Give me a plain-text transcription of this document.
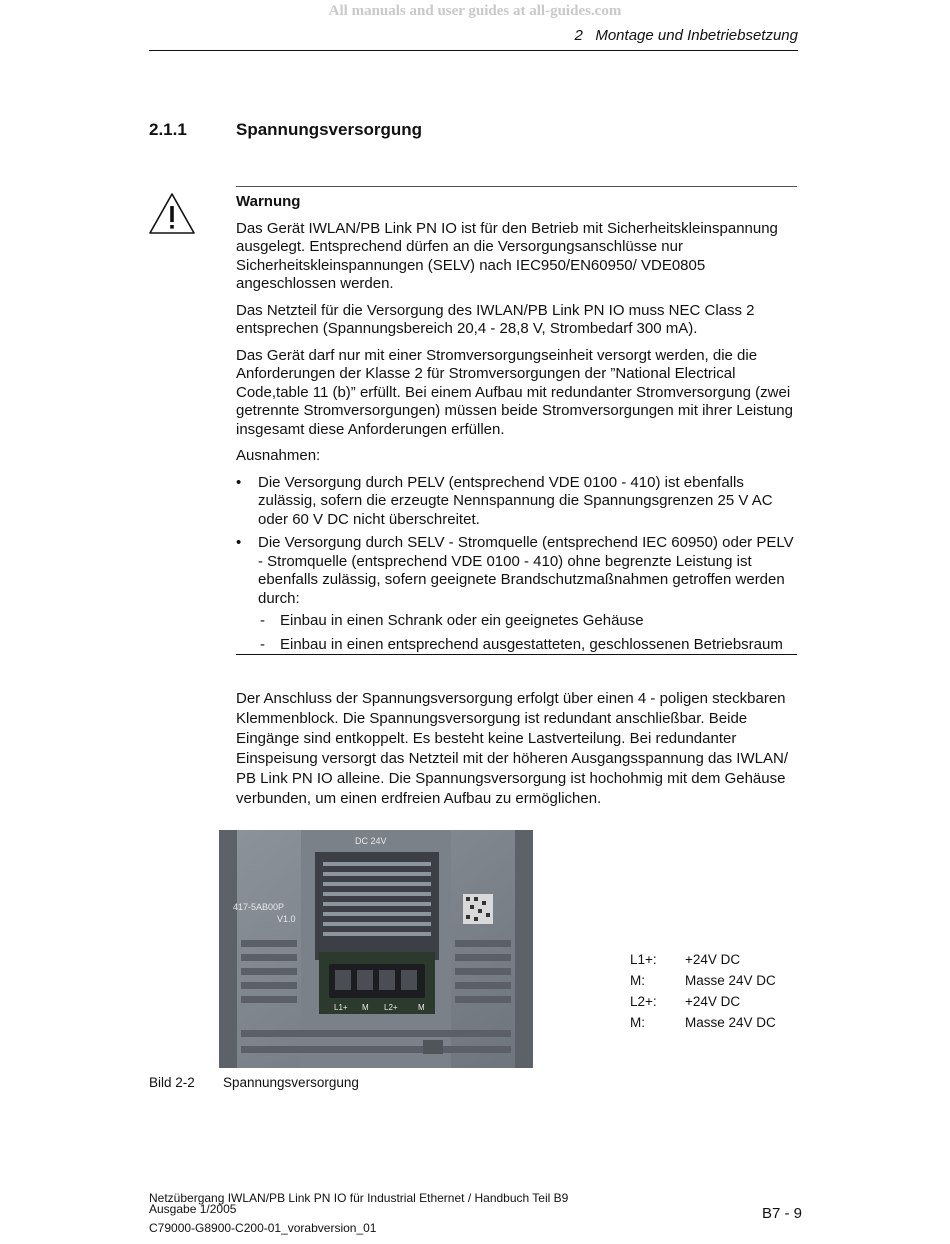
All manuals and user guides at all-guides.com
2   Montage und Inbetriebsetzung
2.1.1	Spannungsversorgung
Warnung

Das Gerät IWLAN/PB Link PN IO ist für den Betrieb mit Sicherheitskleinspannung ausgelegt. Entsprechend dürfen an die Versorgungsanschlüsse nur Sicherheitskleinspannungen (SELV) nach IEC950/EN60950/ VDE0805 angeschlossen werden.

Das Netzteil für die Versorgung des IWLAN/PB Link PN IO muss NEC Class 2 entsprechen (Spannungsbereich 20,4 - 28,8 V, Strombedarf 300 mA).

Das Gerät darf nur mit einer Stromversorgungseinheit versorgt werden, die die Anforderungen der Klasse 2 für Stromversorgungen der ”National Electrical Code,table 11 (b)” erfüllt. Bei einem Aufbau mit redundanter Stromversorgung (zwei getrennte Stromversorgungen) müssen beide Stromversorgungen mit ihrer Leistung insgesamt diese Anforderungen erfüllen.

Ausnahmen:

• Die Versorgung durch PELV (entsprechend VDE 0100 - 410) ist ebenfalls zulässig, sofern die erzeugte Nennspannung die Spannungsgrenzen 25 V AC oder 60 V DC nicht überschreitet.
• Die Versorgung durch SELV - Stromquelle (entsprechend IEC 60950) oder PELV - Stromquelle (entsprechend VDE 0100 - 410) ohne begrenzte Leistung ist ebenfalls zulässig, sofern geeignete Brandschutzmaßnahmen getroffen werden durch:
- Einbau in einen Schrank oder ein geeignetes Gehäuse
- Einbau in einen entsprechend ausgestatteten, geschlossenen Betriebsraum
Der Anschluss der Spannungsversorgung erfolgt über einen 4 - poligen steckbaren Klemmenblock. Die Spannungsversorgung ist redundant anschließbar. Beide Eingänge sind entkoppelt. Es besteht keine Lastverteilung. Bei redundanter Einspeisung versorgt das Netzteil mit der höheren Ausgangsspannung das IWLAN/ PB Link PN IO alleine. Die Spannungsversorgung ist hochohmig mit dem Gehäuse verbunden, um einen erdfreien Aufbau zu ermöglichen.
DC 24V
417-5AB00P
V1.0
L1+ M L2+	M
L1+:	+24V DC
M:	Masse 24V DC
L2+:	+24V DC
M:	Masse 24V DC
Bild 2-2 Spannungsversorgung
Netzübergang IWLAN/PB Link PN IO für Industrial Ethernet / Handbuch Teil B9
Ausgabe 1/2005
C79000-G8900-C200-01_vorabversion_01
B7 - 9
